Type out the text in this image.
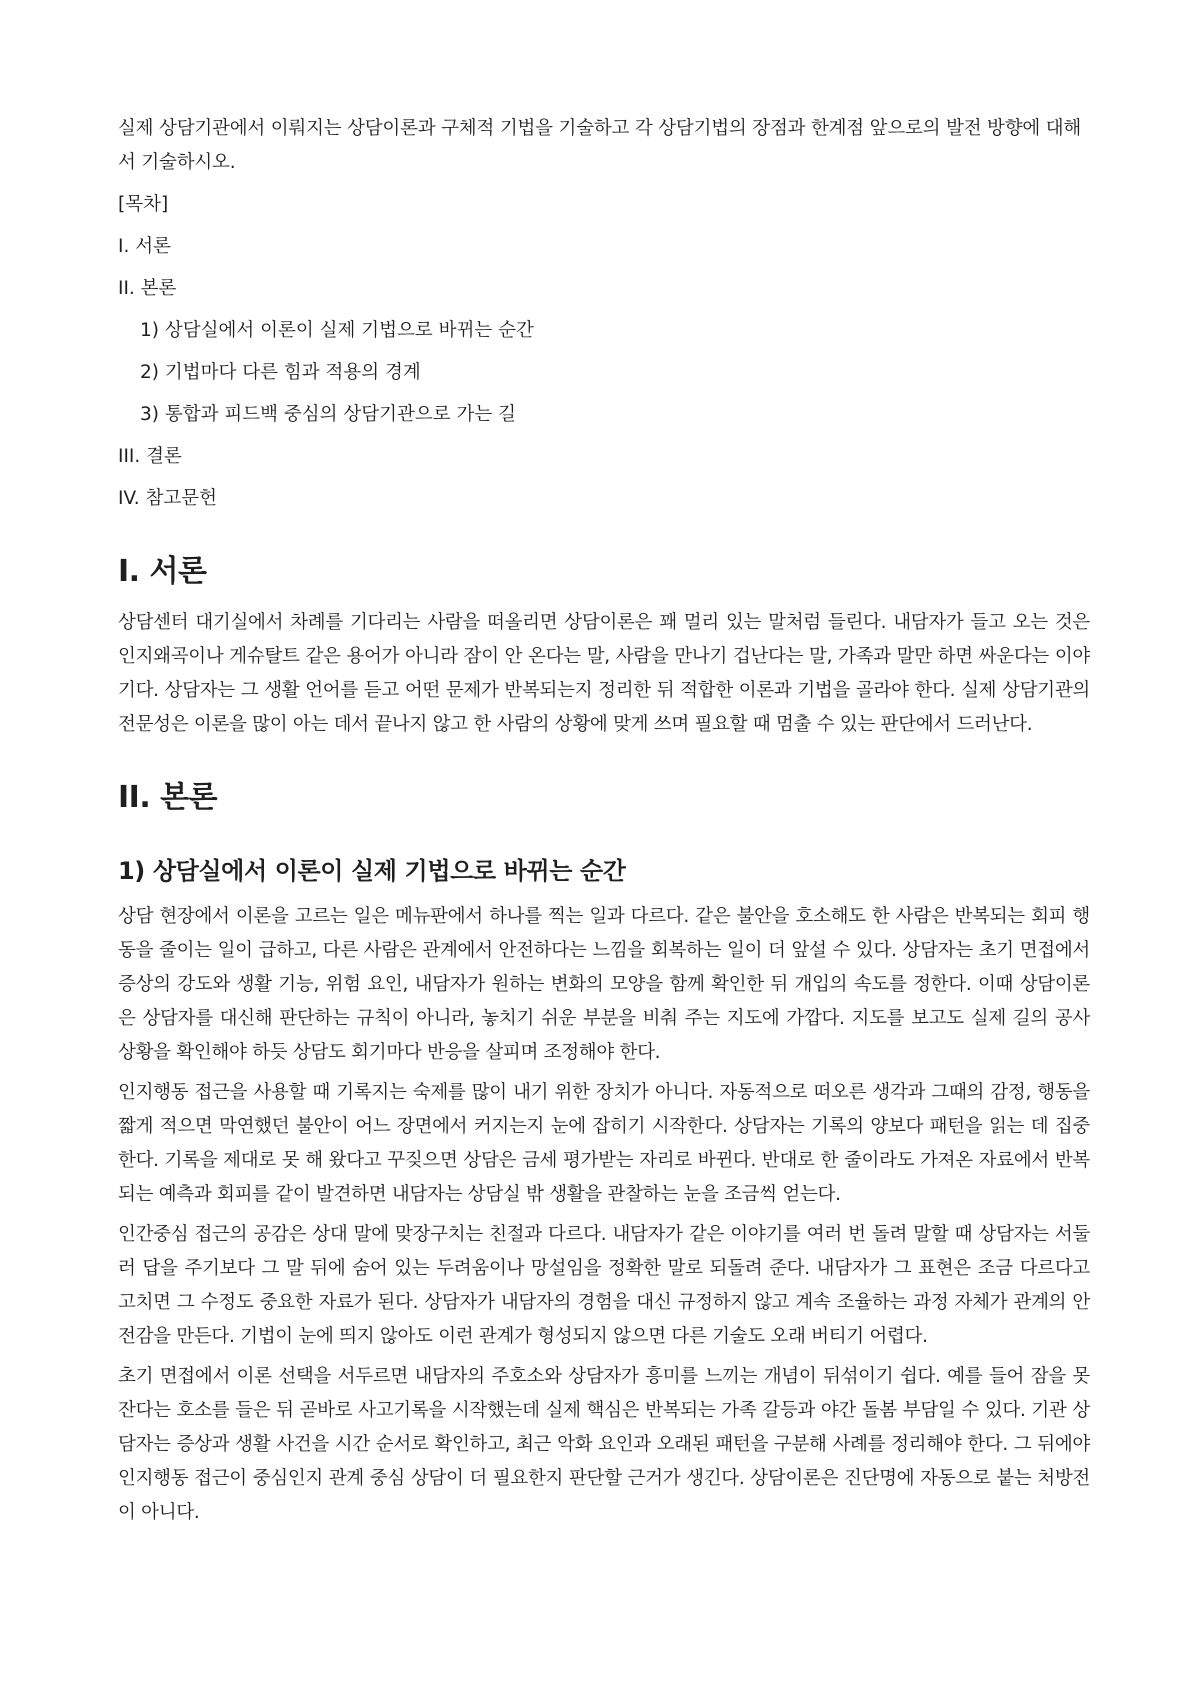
실제 상담기관에서 이뤄지는 상담이론과 구체적 기법을 기술하고 각 상담기법의 장점과 한계점 앞으로의 발전 방향에 대해서 기술하시오.

[목차]
I. 서론
II. 본론
1) 상담실에서 이론이 실제 기법으로 바뀌는 순간
2) 기법마다 다른 힘과 적용의 경계
3) 통합과 피드백 중심의 상담기관으로 가는 길
III. 결론
IV. 참고문헌
I. 서론

상담센터 대기실에서 차례를 기다리는 사람을 떠올리면 상담이론은 꽤 멀리 있는 말처럼 들린다. 내담자가 들고 오는 것은 인지왜곡이나 게슈탈트 같은 용어가 아니라 잠이 안 온다는 말, 사람을 만나기 겁난다는 말, 가족과 말만 하면 싸운다는 이야기다. 상담자는 그 생활 언어를 듣고 어떤 문제가 반복되는지 정리한 뒤 적합한 이론과 기법을 골라야 한다. 실제 상담기관의 전문성은 이론을 많이 아는 데서 끝나지 않고 한 사람의 상황에 맞게 쓰며 필요할 때 멈출 수 있는 판단에서 드러난다.

II. 본론
1) 상담실에서 이론이 실제 기법으로 바뀌는 순간

상담 현장에서 이론을 고르는 일은 메뉴판에서 하나를 찍는 일과 다르다. 같은 불안을 호소해도 한 사람은 반복되는 회피 행동을 줄이는 일이 급하고, 다른 사람은 관계에서 안전하다는 느낌을 회복하는 일이 더 앞설 수 있다. 상담자는 초기 면접에서 증상의 강도와 생활 기능, 위험 요인, 내담자가 원하는 변화의 모양을 함께 확인한 뒤 개입의 속도를 정한다. 이때 상담이론은 상담자를 대신해 판단하는 규칙이 아니라, 놓치기 쉬운 부분을 비춰 주는 지도에 가깝다. 지도를 보고도 실제 길의 공사 상황을 확인해야 하듯 상담도 회기마다 반응을 살피며 조정해야 한다.

인지행동 접근을 사용할 때 기록지는 숙제를 많이 내기 위한 장치가 아니다. 자동적으로 떠오른 생각과 그때의 감정, 행동을 짧게 적으면 막연했던 불안이 어느 장면에서 커지는지 눈에 잡히기 시작한다. 상담자는 기록의 양보다 패턴을 읽는 데 집중한다. 기록을 제대로 못 해 왔다고 꾸짖으면 상담은 금세 평가받는 자리로 바뀐다. 반대로 한 줄이라도 가져온 자료에서 반복되는 예측과 회피를 같이 발견하면 내담자는 상담실 밖 생활을 관찰하는 눈을 조금씩 얻는다.

인간중심 접근의 공감은 상대 말에 맞장구치는 친절과 다르다. 내담자가 같은 이야기를 여러 번 돌려 말할 때 상담자는 서둘러 답을 주기보다 그 말 뒤에 숨어 있는 두려움이나 망설임을 정확한 말로 되돌려 준다. 내담자가 그 표현은 조금 다르다고 고치면 그 수정도 중요한 자료가 된다. 상담자가 내담자의 경험을 대신 규정하지 않고 계속 조율하는 과정 자체가 관계의 안전감을 만든다. 기법이 눈에 띄지 않아도 이런 관계가 형성되지 않으면 다른 기술도 오래 버티기 어렵다.

초기 면접에서 이론 선택을 서두르면 내담자의 주호소와 상담자가 흥미를 느끼는 개념이 뒤섞이기 쉽다. 예를 들어 잠을 못 잔다는 호소를 들은 뒤 곧바로 사고기록을 시작했는데 실제 핵심은 반복되는 가족 갈등과 야간 돌봄 부담일 수 있다. 기관 상담자는 증상과 생활 사건을 시간 순서로 확인하고, 최근 악화 요인과 오래된 패턴을 구분해 사례를 정리해야 한다. 그 뒤에야 인지행동 접근이 중심인지 관계 중심 상담이 더 필요한지 판단할 근거가 생긴다. 상담이론은 진단명에 자동으로 붙는 처방전이 아니다.
